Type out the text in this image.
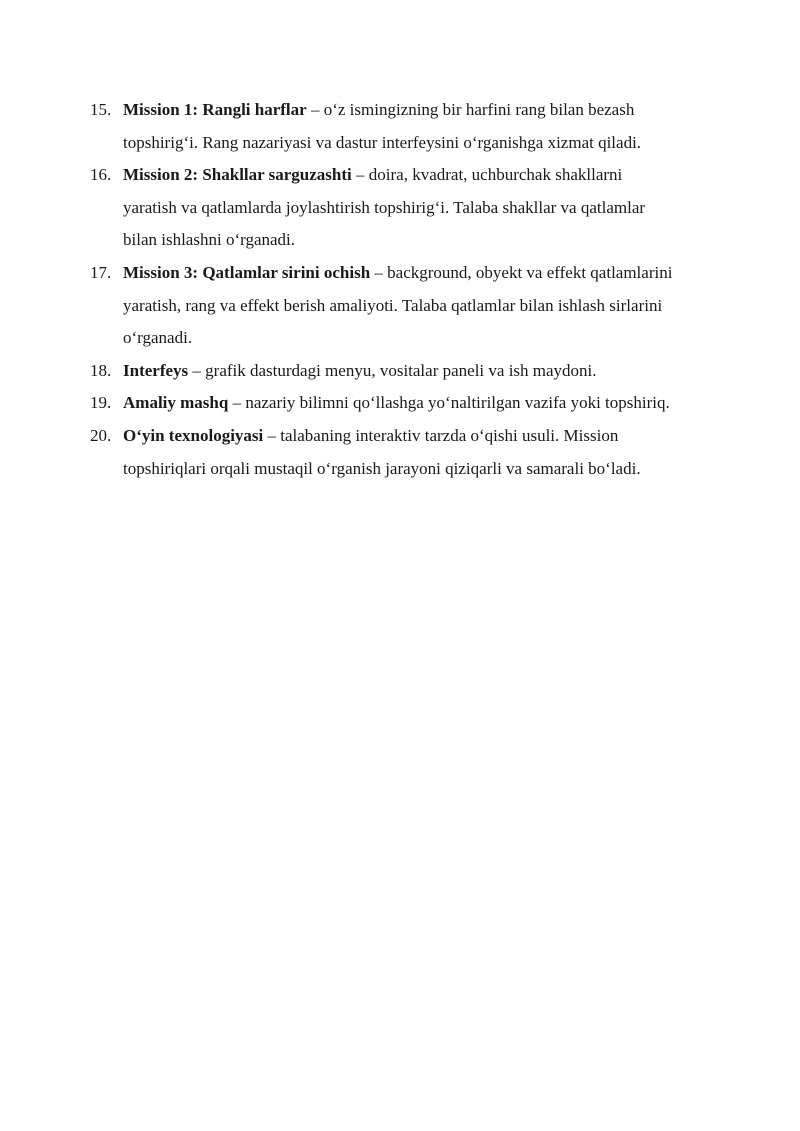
15. Mission 1: Rangli harflar – o‘z ismingizning bir harfini rang bilan bezash
topshirig‘i. Rang nazariyasi va dastur interfeysini o‘rganishga xizmat qiladi.
16. Mission 2: Shakllar sarguzashti – doira, kvadrat, uchburchak shakllarni
yaratish va qatlamlarda joylashtirish topshirig‘i. Talaba shakllar va qatlamlar
bilan ishlashni o‘rganadi.
17. Mission 3: Qatlamlar sirini ochish – background, obyekt va effekt qatlamlarini
yaratish, rang va effekt berish amaliyoti. Talaba qatlamlar bilan ishlash sirlarini
o‘rganadi.
18. Interfeys – grafik dasturdagi menyu, vositalar paneli va ish maydoni.
19. Amaliy mashq – nazariy bilimni qo‘llashga yo‘naltirilgan vazifa yoki topshiriq.
20. O‘yin texnologiyasi – talabaning interaktiv tarzda o‘qishi usuli. Mission
topshiriqlari orqali mustaqil o‘rganish jarayoni qiziqarli va samarali bo‘ladi.
